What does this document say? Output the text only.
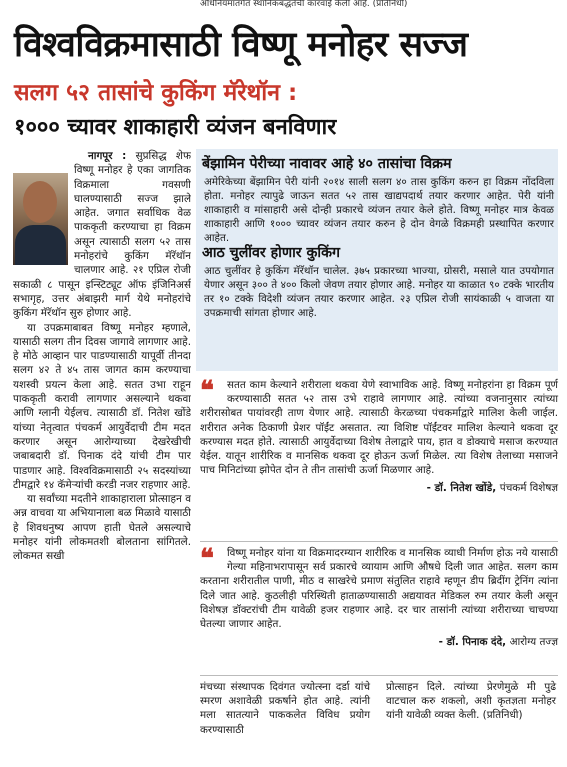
अधिनियमांतर्गत स्थानिकबद्धतेची कारवाई केली आहे. (प्रतिनिधी)
विश्वविक्रमासाठी विष्णू मनोहर सज्ज
सलग ५२ तासांचे कुकिंग मॅरेथॉन :
१००० च्यावर शाकाहारी व्यंजन बनविणार

नागपूर : सुप्रसिद्ध शेफ विष्णू मनोहर हे एका जागतिक विक्रमाला गवसणी घालण्यासाठी सज्ज झाले आहेत. जगात सर्वाधिक वेळ पाककृती करण्याचा हा विक्रम असून त्यासाठी सलग ५२ तास मनोहरांचे कुकिंग मॅरॅथॉन चालणार आहे. २१ एप्रिल रोजी सकाळी ८ पासून इन्स्टिट्यूट ऑफ इंजिनिअर्स सभागृह, उत्तर अंबाझरी मार्ग येथे मनोहरांचे कुकिंग मॅरॅथॉन सुरु होणार आहे.

या उपक्रमाबाबत विष्णू मनोहर म्हणाले, यासाठी सलग तीन दिवस जागावे लागणार आहे. हे मोठे आव्हान पार पाडण्यासाठी यापूर्वी तीनदा सलग ४२ ते ४५ तास जागत काम करण्याचा यशस्वी प्रयत्न केला आहे. सतत उभा राहून पाककृती करावी लागणार असल्याने थकवा आणि ग्लानी येईलच. त्यासाठी डॉ. नितेश खोंडे यांच्या नेतृत्वात पंचकर्म आयुर्वेदाची टीम मदत करणार असून आरोग्याच्या देखरेखीची जबाबदारी डॉ. पिनाक दंदे यांची टीम पार पाडणार आहे. विश्वविक्रमासाठी २५ सदस्यांच्या टीमद्वारे १४ कॅमेऱ्यांची करडी नजर राहणार आहे.

या सर्वांच्या मदतीने शाकाहाराला प्रोत्साहन व अन्न वाचवा या अभियानाला बळ मिळावे यासाठी हे शिवधनुष्य आपण हाती घेतले असल्याचे मनोहर यांनी लोकमतशी बोलताना सांगितले. लोकमत सखी

बेंझामिन पेरीच्या नावावर आहे ४० तासांचा विक्रम

अमेरिकेच्या बेंझामिन पेरी यांनी २०१४ साली सलग ४० तास कुकिंग करुन हा विक्रम नोंदविला होता. मनोहर त्यापुढे जाऊन सतत ५२ तास खाद्यपदार्थ तयार करणार आहेत. पेरी यांनी शाकाहारी व मांसाहारी असे दोन्ही प्रकारचे व्यंजन तयार केले होते. विष्णू मनोहर मात्र केवळ शाकाहारी आणि १००० च्यावर व्यंजन तयार करुन हे दोन वेगळे विक्रमही प्रस्थापित करणार आहेत.

आठ चुलींवर होणार कुकिंग

आठ चुलींवर हे कुकिंग मॅरॅथॉन चालेल. ३७५ प्रकारच्या भाज्या, ग्रोसरी, मसाले यात उपयोगात येणार असून ३०० ते ४०० किलो जेवण तयार होणार आहे. मनोहर या काळात ९० टक्के भारतीय तर १० टक्के विदेशी व्यंजन तयार करणार आहेत. २३ एप्रिल रोजी सायंकाळी ५ वाजता या उपक्रमाची सांगता होणार आहे.

❝	सतत काम केल्याने शरीराला थकवा येणे स्वाभाविक आहे. विष्णू मनोहरांना हा विक्रम पूर्ण करण्यासाठी सतत ५२ तास उभे राहावे लागणार आहे. त्यांच्या वजनानुसार त्यांच्या शरीरासोबत पायांवरही ताण येणार आहे. त्यासाठी केरळच्या पंचकर्माद्वारे मालिश केली जाईल. शरीरात अनेक ठिकाणी प्रेशर पॉईंट असतात. त्या विशिष्ट पॉईंटवर मालिश केल्याने थकवा दूर करण्यास मदत होते. त्यासाठी आयुर्वेदाच्या विशेष तेलाद्वारे पाय, हात व डोक्याचे मसाज करण्यात येईल. यातून शारीरिक व मानसिक थकवा दूर होऊन ऊर्जा मिळेल. त्या विशेष तेलाच्या मसाजने पाच मिनिटांच्या झोपेत दोन ते तीन तासांची ऊर्जा मिळणार आहे.
- डॉ. नितेश खोंडे, पंचकर्म विशेषज्ञ
❝	विष्णू मनोहर यांना या विक्रमादरम्यान शारीरिक व मानसिक व्याधी निर्माण होऊ नये यासाठी गेल्या महिनाभरापासून सर्व प्रकारचे व्यायाम आणि औषधे दिली जात आहेत. सलग काम करताना शरीरातील पाणी, मीठ व साखरेचे प्रमाण संतुलित राहावे म्हणून डीप ब्रिदींग ट्रेनिंग त्यांना दिले जात आहे. कुठलीही परिस्थिती हाताळण्यासाठी अद्ययावत मेडिकल रुम तयार केली असून विशेषज्ञ डॉक्टरांची टीम यावेळी हजर राहणार आहे. दर चार तासांनी त्यांच्या शरीराच्या चाचण्या घेतल्या जाणार आहेत.
- डॉ. पिनाक दंदे, आरोग्य तज्ज्ञ
मंचच्या संस्थापक दिवंगत ज्योत्स्ना दर्डा यांचे स्मरण अशावेळी प्रकर्षाने होत आहे. त्यांनी मला सातत्याने पाककलेत विविध प्रयोग करण्यासाठी
प्रोत्साहन दिले. त्यांच्या प्रेरणेमुळे मी पुढे वाटचाल करु शकलो, अशी कृतज्ञता मनोहर यांनी यावेळी व्यक्त केली. (प्रतिनिधी)
